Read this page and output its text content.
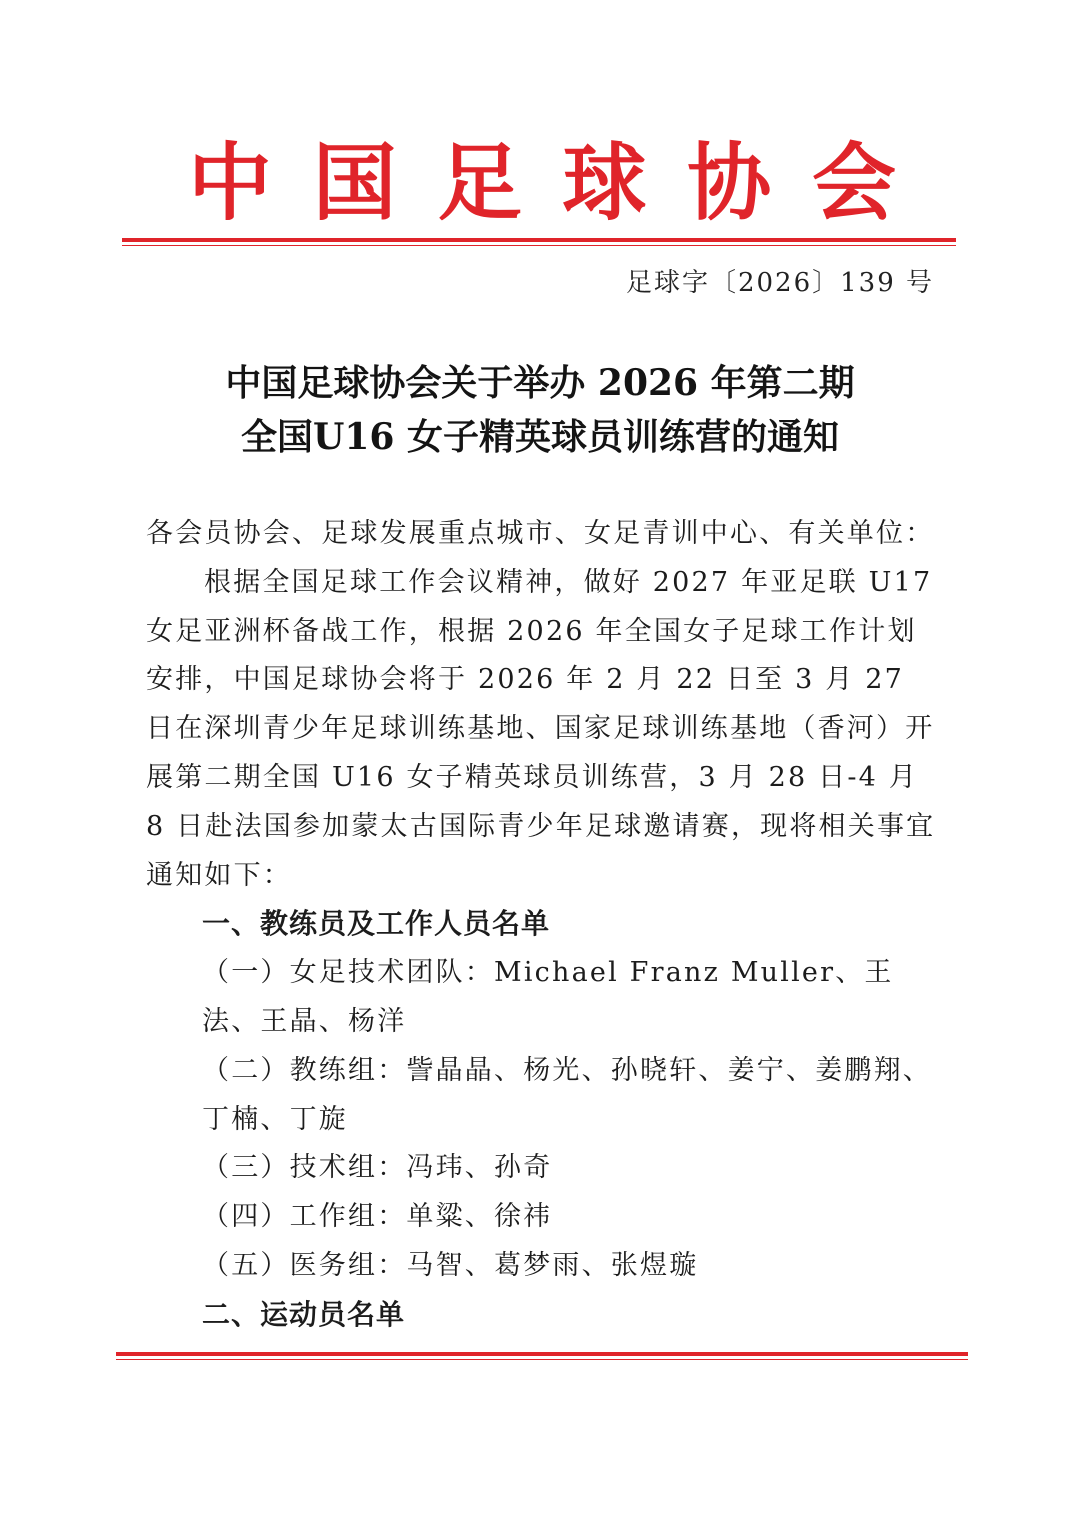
中 国 足 球 协 会
足球字〔2026〕139 号
中国足球协会关于举办 2026 年第二期
全国U16 女子精英球员训练营的通知

各会员协会、足球发展重点城市、女足青训中心、有关单位：

根据全国足球工作会议精神，做好 2027 年亚足联 U17 女足亚洲杯备战工作，根据 2026 年全国女子足球工作计划安排，中国足球协会将于 2026 年 2 月 22 日至 3 月 27 日在深圳青少年足球训练基地、国家足球训练基地（香河）开展第二期全国 U16 女子精英球员训练营，3 月 28 日-4 月 8 日赴法国参加蒙太古国际青少年足球邀请赛，现将相关事宜通知如下：

一、教练员及工作人员名单

（一）女足技术团队：Michael Franz Muller、王法、王晶、杨洋

（二）教练组：訾晶晶、杨光、孙晓轩、姜宁、姜鹏翔、丁楠、丁旋

（三）技术组：冯玮、孙奇

（四）工作组：单粱、徐祎

（五）医务组：马智、葛梦雨、张煜璇

二、运动员名单
